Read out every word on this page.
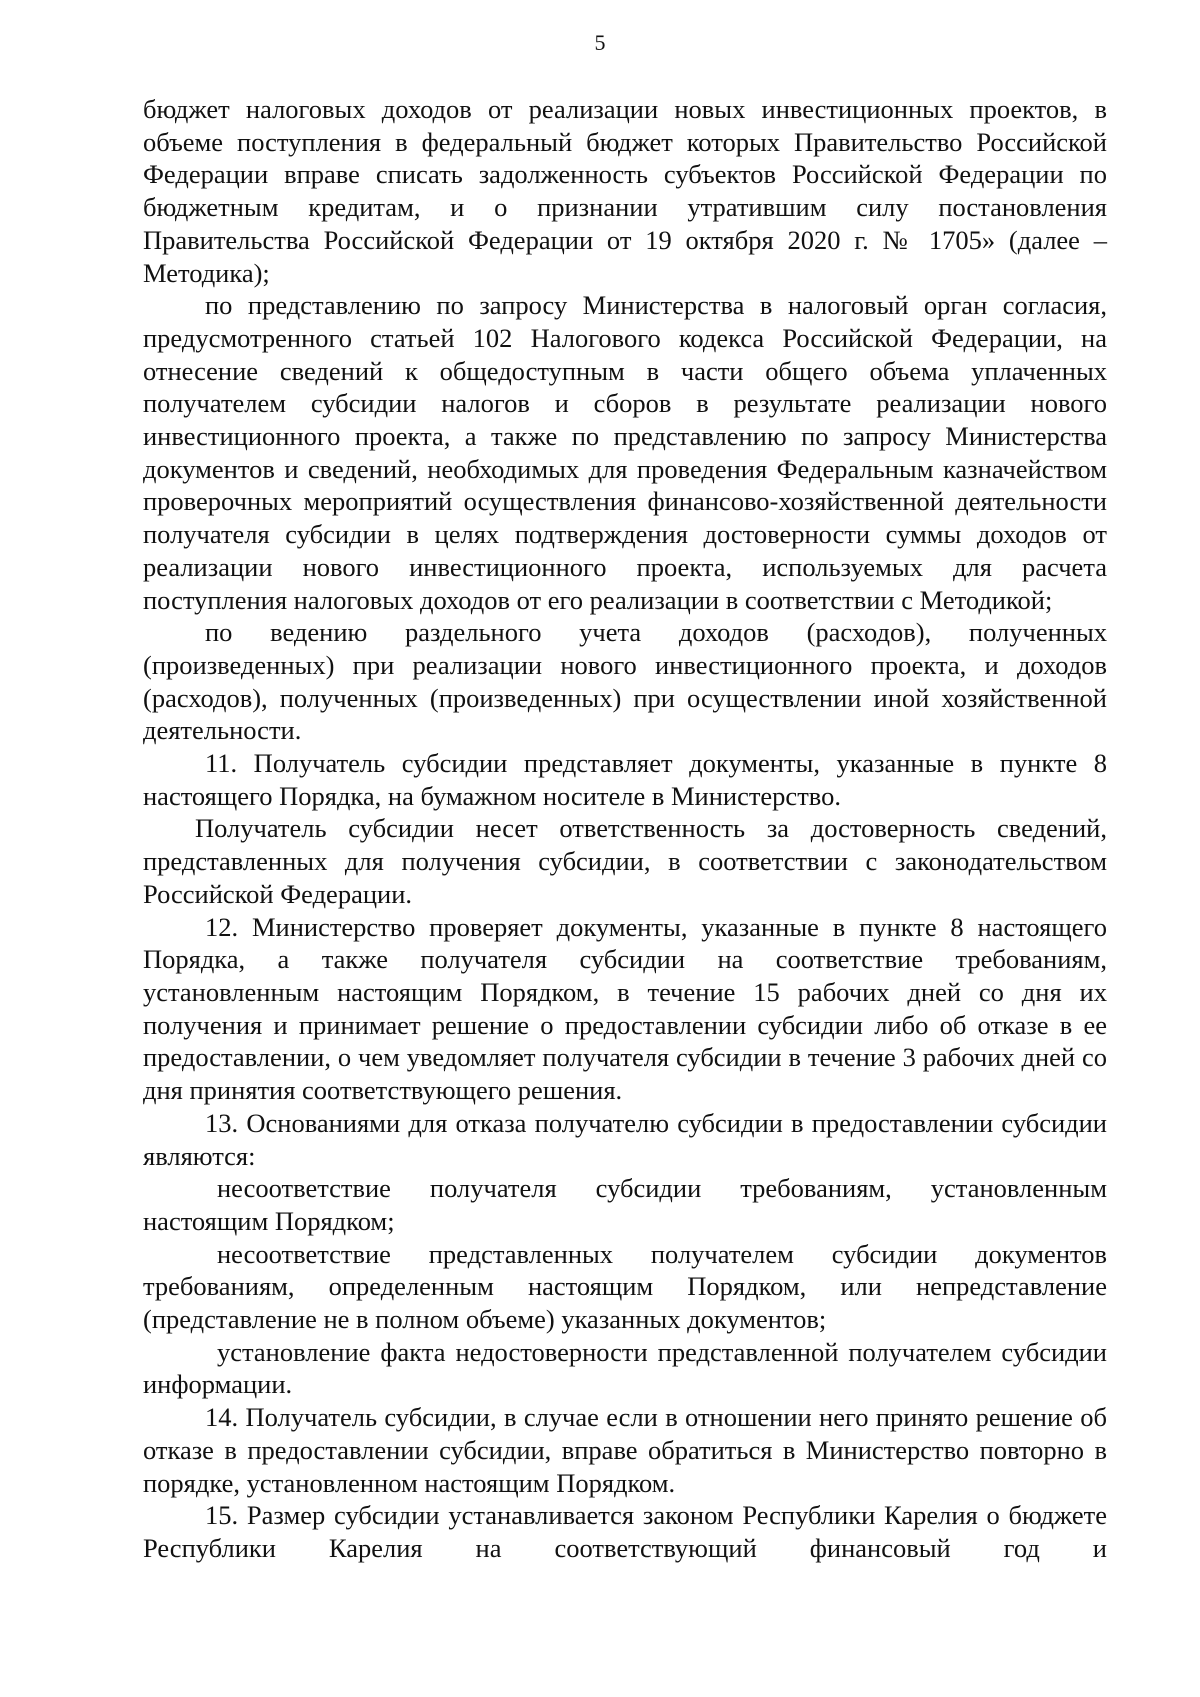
5

бюджет налоговых доходов от реализации новых инвестиционных проектов, в объеме поступления в федеральный бюджет которых Правительство Российской Федерации вправе списать задолженность субъектов Российской Федерации по бюджетным кредитам, и о признании утратившим силу постановления Правительства Российской Федерации от 19 октября 2020 г. № 1705» (далее – Методика);

по представлению по запросу Министерства в налоговый орган согласия, предусмотренного статьей 102 Налогового кодекса Российской Федерации, на отнесение сведений к общедоступным в части общего объема уплаченных получателем субсидии налогов и сборов в результате реализации нового инвестиционного проекта, а также по представлению по запросу Министерства документов и сведений, необходимых для проведения Федеральным казначейством проверочных мероприятий осуществления финансово-хозяйственной деятельности получателя субсидии в целях подтверждения достоверности суммы доходов от реализации нового инвестиционного проекта, используемых для расчета поступления налоговых доходов от его реализации в соответствии с Методикой;

по ведению раздельного учета доходов (расходов), полученных (произведенных) при реализации нового инвестиционного проекта, и доходов (расходов), полученных (произведенных) при осуществлении иной хозяйственной деятельности.

11. Получатель субсидии представляет документы, указанные в пункте 8 настоящего Порядка, на бумажном носителе в Министерство.

Получатель субсидии несет ответственность за достоверность сведений, представленных для получения субсидии, в соответствии с законодательством Российской Федерации.

12. Министерство проверяет документы, указанные в пункте 8 настоящего Порядка, а также получателя субсидии на соответствие требованиям, установленным настоящим Порядком, в течение 15 рабочих дней со дня их получения и принимает решение о предоставлении субсидии либо об отказе в ее предоставлении, о чем уведомляет получателя субсидии в течение 3 рабочих дней со дня принятия соответствующего решения.

13. Основаниями для отказа получателю субсидии в предоставлении субсидии являются:

несоответствие получателя субсидии требованиям, установленным настоящим Порядком;

несоответствие представленных получателем субсидии документов требованиям, определенным настоящим Порядком, или непредставление (представление не в полном объеме) указанных документов;

установление факта недостоверности представленной получателем субсидии информации.

14. Получатель субсидии, в случае если в отношении него принято решение об отказе в предоставлении субсидии, вправе обратиться в Министерство повторно в порядке, установленном настоящим Порядком.

15. Размер субсидии устанавливается законом Республики Карелия о бюджете Республики Карелия на соответствующий финансовый год и
